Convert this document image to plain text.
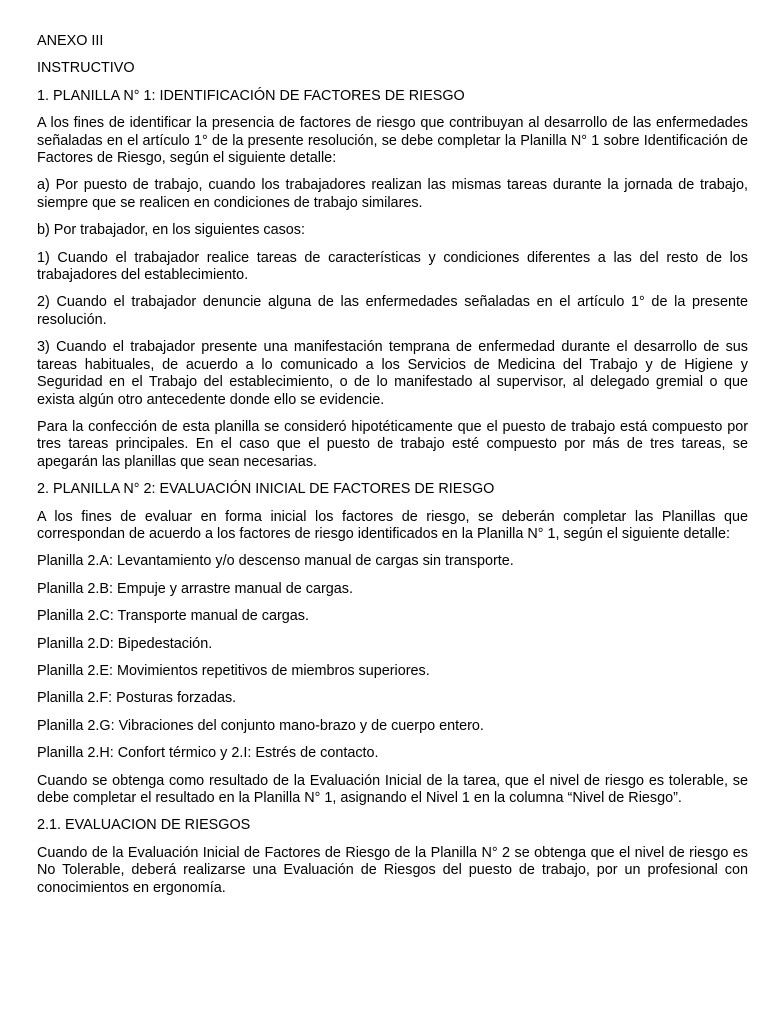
ANEXO III

INSTRUCTIVO

1. PLANILLA N° 1: IDENTIFICACIÓN DE FACTORES DE RIESGO

A los fines de identificar la presencia de factores de riesgo que contribuyan al desarrollo de las enfermedades señaladas en el artículo 1° de la presente resolución, se debe completar la Planilla N° 1 sobre Identificación de Factores de Riesgo, según el siguiente detalle:

a) Por puesto de trabajo, cuando los trabajadores realizan las mismas tareas durante la jornada de trabajo, siempre que se realicen en condiciones de trabajo similares.

b) Por trabajador, en los siguientes casos:

1) Cuando el trabajador realice tareas de características y condiciones diferentes a las del resto de los trabajadores del establecimiento.

2) Cuando el trabajador denuncie alguna de las enfermedades señaladas en el artículo 1° de la presente resolución.

3) Cuando el trabajador presente una manifestación temprana de enfermedad durante el desarrollo de sus tareas habituales, de acuerdo a lo comunicado a los Servicios de Medicina del Trabajo y de Higiene y Seguridad en el Trabajo del establecimiento, o de lo manifestado al supervisor, al delegado gremial o que exista algún otro antecedente donde ello se evidencie.

Para la confección de esta planilla se consideró hipotéticamente que el puesto de trabajo está compuesto por tres tareas principales. En el caso que el puesto de trabajo esté compuesto por más de tres tareas, se apegarán las planillas que sean necesarias.

2. PLANILLA N° 2: EVALUACIÓN INICIAL DE FACTORES DE RIESGO

A los fines de evaluar en forma inicial los factores de riesgo, se deberán completar las Planillas que correspondan de acuerdo a los factores de riesgo identificados en la Planilla N° 1, según el siguiente detalle:

Planilla 2.A: Levantamiento y/o descenso manual de cargas sin transporte.

Planilla 2.B: Empuje y arrastre manual de cargas.

Planilla 2.C: Transporte manual de cargas.

Planilla 2.D: Bipedestación.

Planilla 2.E: Movimientos repetitivos de miembros superiores.

Planilla 2.F: Posturas forzadas.

Planilla 2.G: Vibraciones del conjunto mano-brazo y de cuerpo entero.

Planilla 2.H: Confort térmico y 2.I: Estrés de contacto.

Cuando se obtenga como resultado de la Evaluación Inicial de la tarea, que el nivel de riesgo es tolerable, se debe completar el resultado en la Planilla N° 1, asignando el Nivel 1 en la columna “Nivel de Riesgo”.

2.1. EVALUACION DE RIESGOS

Cuando de la Evaluación Inicial de Factores de Riesgo de la Planilla N° 2 se obtenga que el nivel de riesgo es No Tolerable, deberá realizarse una Evaluación de Riesgos del puesto de trabajo, por un profesional con conocimientos en ergonomía.
